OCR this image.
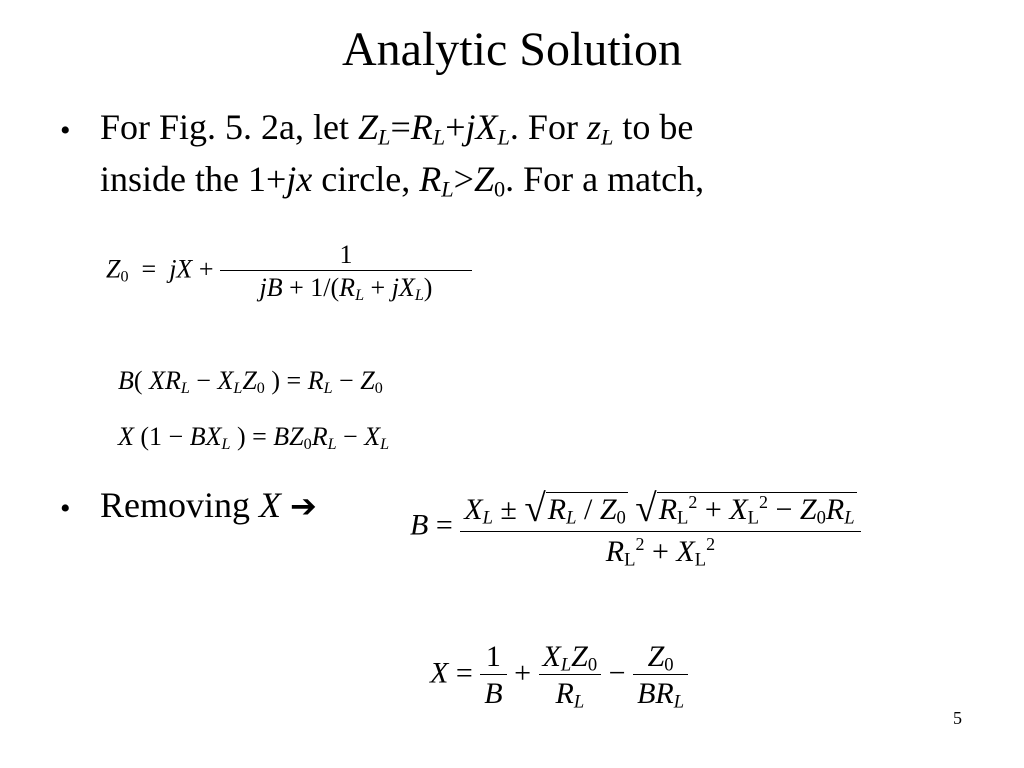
Analytic Solution
• For Fig. 5. 2a, let $Z_L=R_L+jX_L$. For $z_L$ to be
inside the 1+jx circle, $R_L>Z_0$. For a match,
$Z_0$  =  jX + $\frac{1}{jB + 1/(R_L + jX_L)}$
B( $XR_L - X_LZ_0$ ) = $R_L - Z_0$
X ($1 - BX_L$ ) = $BZ_0R_L - X_L$
• Removing X ➔	$B = \frac{X_L \pm √R_L / Z_0 √R_L^2 + X_L^2 - Z_0R_L}{R_L^2 + X_L^2}$
$X = \frac{1}{B} + \frac{X_LZ_0}{R_L} - \frac{Z_0}{BR_L}$
5
